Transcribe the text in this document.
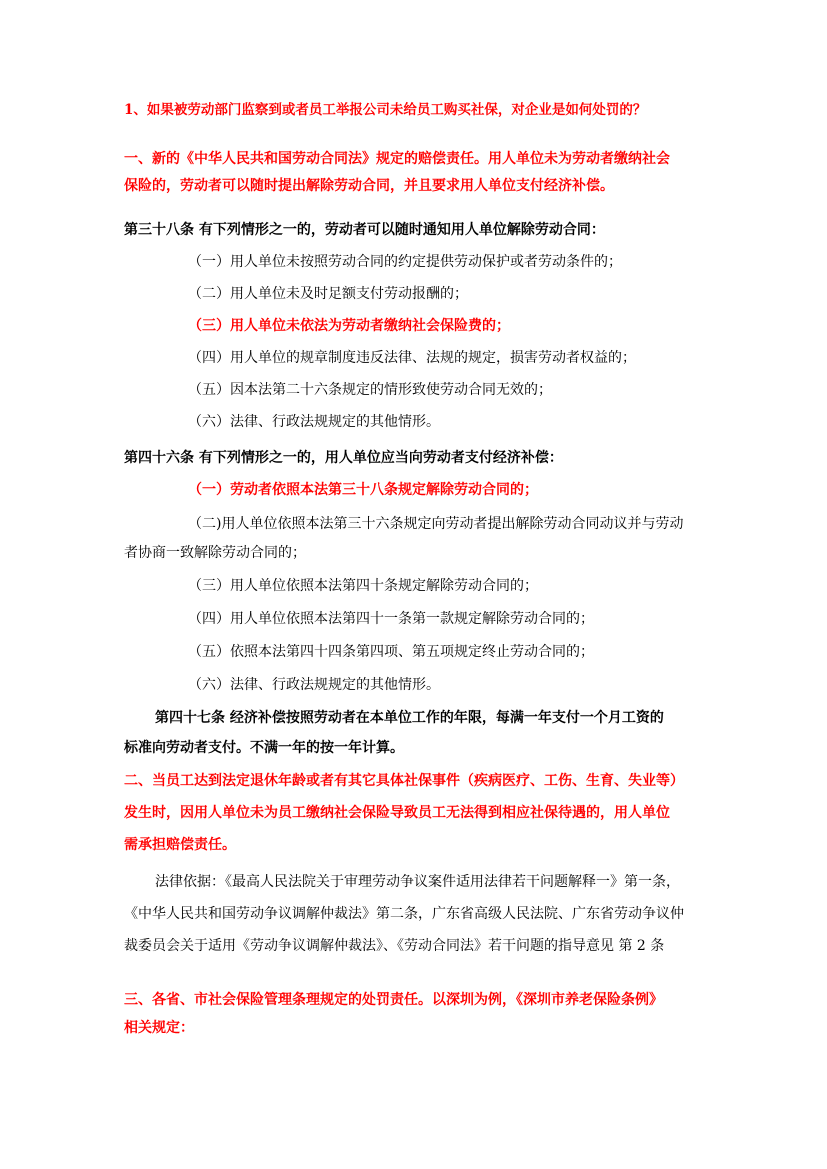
1、如果被劳动部门监察到或者员工举报公司未给员工购买社保，对企业是如何处罚的？
一、新的《中华人民共和国劳动合同法》规定的赔偿责任。用人单位未为劳动者缴纳社会
保险的，劳动者可以随时提出解除劳动合同，并且要求用人单位支付经济补偿。
第三十八条 有下列情形之一的，劳动者可以随时通知用人单位解除劳动合同：
（一）用人单位未按照劳动合同的约定提供劳动保护或者劳动条件的；
（二）用人单位未及时足额支付劳动报酬的；
（三）用人单位未依法为劳动者缴纳社会保险费的；
（四）用人单位的规章制度违反法律、法规的规定，损害劳动者权益的；
（五）因本法第二十六条规定的情形致使劳动合同无效的；
（六）法律、行政法规规定的其他情形。
第四十六条 有下列情形之一的，用人单位应当向劳动者支付经济补偿：
（一）劳动者依照本法第三十八条规定解除劳动合同的；
（二)用人单位依照本法第三十六条规定向劳动者提出解除劳动合同动议并与劳动
者协商一致解除劳动合同的；
（三）用人单位依照本法第四十条规定解除劳动合同的；
（四）用人单位依照本法第四十一条第一款规定解除劳动合同的；
（五）依照本法第四十四条第四项、第五项规定终止劳动合同的；
（六）法律、行政法规规定的其他情形。
第四十七条 经济补偿按照劳动者在本单位工作的年限，每满一年支付一个月工资的
标准向劳动者支付。不满一年的按一年计算。
二、当员工达到法定退休年龄或者有其它具体社保事件（疾病医疗、工伤、生育、失业等）
发生时，因用人单位未为员工缴纳社会保险导致员工无法得到相应社保待遇的，用人单位
需承担赔偿责任。
法律依据：《最高人民法院关于审理劳动争议案件适用法律若干问题解释一》第一条，
《中华人民共和国劳动争议调解仲裁法》第二条，广东省高级人民法院、广东省劳动争议仲
裁委员会关于适用《劳动争议调解仲裁法》、《劳动合同法》若干问题的指导意见 第 2 条
三、各省、市社会保险管理条理规定的处罚责任。以深圳为例，《深圳市养老保险条例》
相关规定：
